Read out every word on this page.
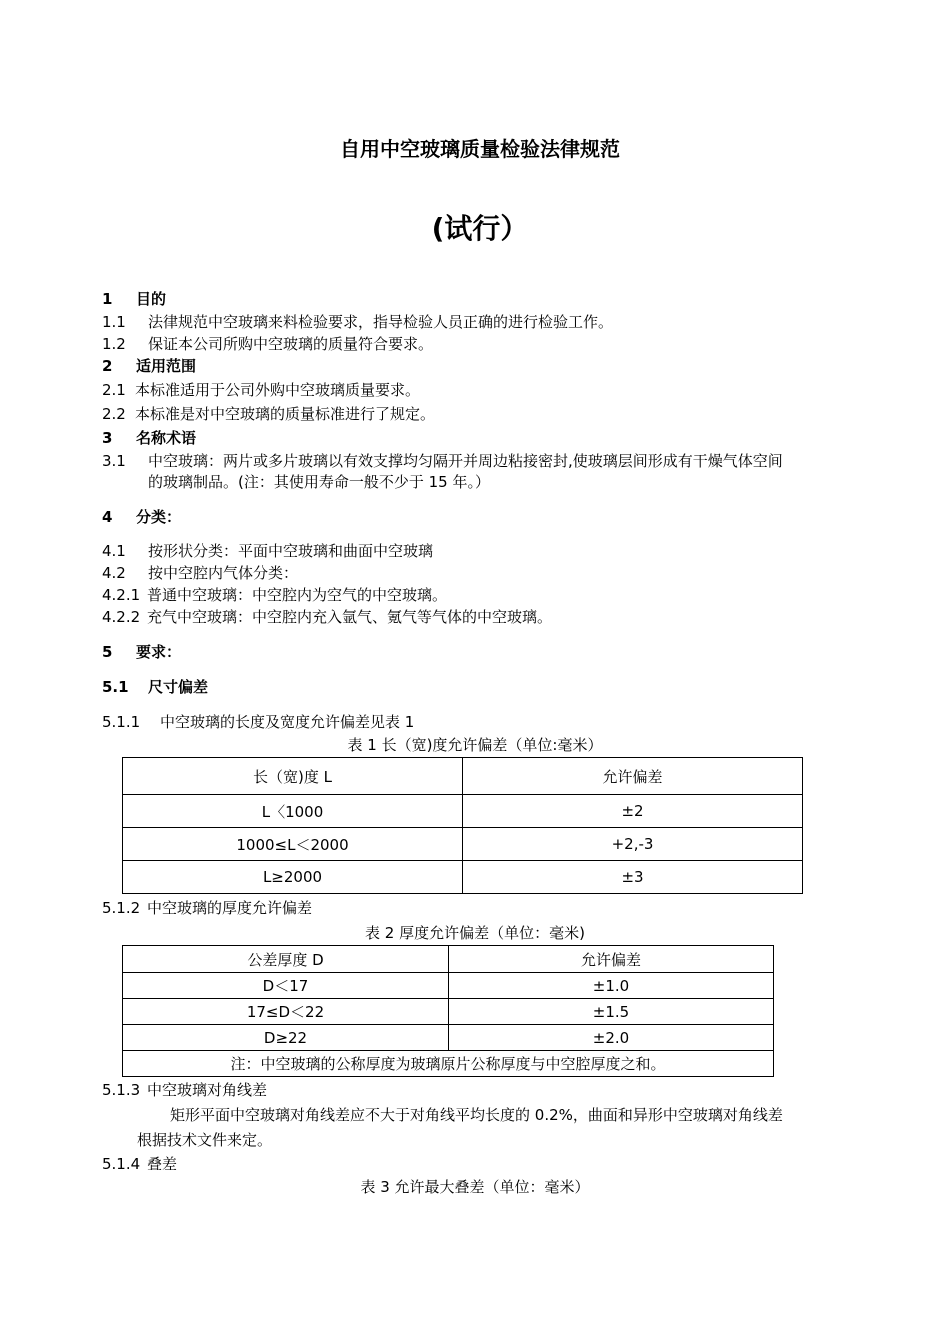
自用中空玻璃质量检验法律规范
(试行）
1 目的
1.1 法律规范中空玻璃来料检验要求，指导检验人员正确的进行检验工作。
1.2 保证本公司所购中空玻璃的质量符合要求。
2 适用范围
2.1 本标准适用于公司外购中空玻璃质量要求。
2.2 本标准是对中空玻璃的质量标准进行了规定。
3 名称术语
3.1 中空玻璃：两片或多片玻璃以有效支撑均匀隔开并周边粘接密封,使玻璃层间形成有干燥气体空间
的玻璃制品。(注：其使用寿命一般不少于 15 年。）
4 分类：
4.1 按形状分类：平面中空玻璃和曲面中空玻璃
4.2 按中空腔内气体分类：
4.2.1 普通中空玻璃：中空腔内为空气的中空玻璃。
4.2.2 充气中空玻璃：中空腔内充入氩气、氪气等气体的中空玻璃。
5 要求：
5.1 尺寸偏差
5.1.1 中空玻璃的长度及宽度允许偏差见表 1
表 1 长（宽)度允许偏差（单位:毫米）
长（宽)度 L	允许偏差
L〈1000	±2
1000≤L＜2000	+2,-3
L≥2000	±3
5.1.2 中空玻璃的厚度允许偏差
表 2 厚度允许偏差（单位：毫米)
公差厚度 D	允许偏差
D＜17	±1.0
17≤D＜22	±1.5
D≥22	±2.0
注：中空玻璃的公称厚度为玻璃原片公称厚度与中空腔厚度之和。	
5.1.3 中空玻璃对角线差
矩形平面中空玻璃对角线差应不大于对角线平均长度的 0.2%，曲面和异形中空玻璃对角线差
根据技术文件来定。
5.1.4 叠差
表 3 允许最大叠差（单位：毫米）
